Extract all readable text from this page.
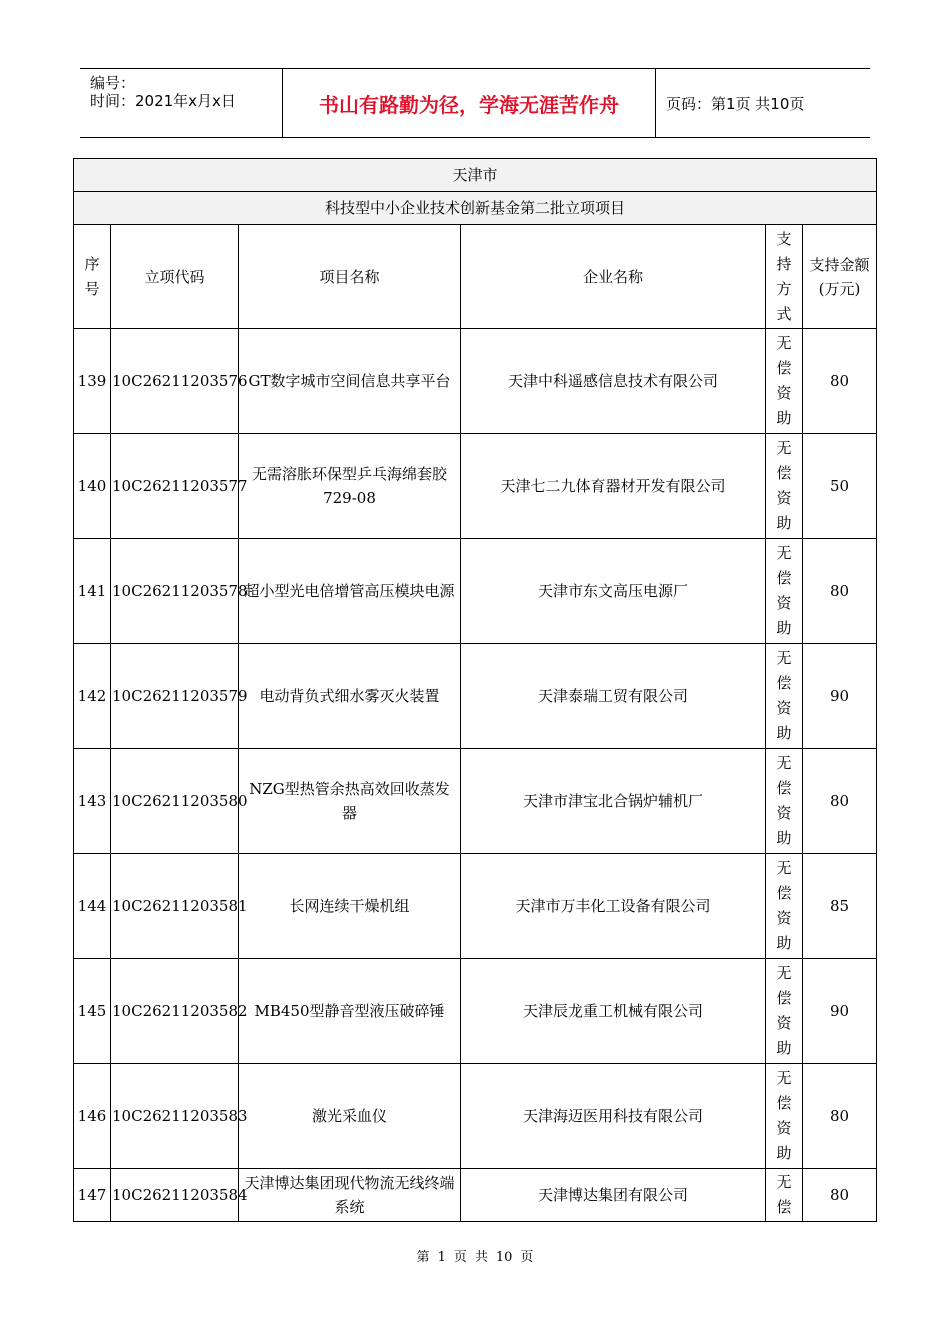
编号：
时间：2021年x月x日	书山有路勤为径，学海无涯苦作舟	页码：第1页 共10页
天津市					
科技型中小企业技术创新基金第二批立项项目					
序
号	立项代码	项目名称	企业名称	支
持
方
式	支持金额
(万元)
139	10C26211203576	GT数字城市空间信息共享平台	天津中科遥感信息技术有限公司	无
偿
资
助	80
140	10C26211203577	无需溶胀环保型乒乓海绵套胶729-08	天津七二九体育器材开发有限公司	无
偿
资
助	50
141	10C26211203578	超小型光电倍增管高压模块电源	天津市东文高压电源厂	无
偿
资
助	80
142	10C26211203579	电动背负式细水雾灭火装置	天津泰瑞工贸有限公司	无
偿
资
助	90
143	10C26211203580	NZG型热管余热高效回收蒸发器	天津市津宝北合锅炉辅机厂	无
偿
资
助	80
144	10C26211203581	长网连续干燥机组	天津市万丰化工设备有限公司	无
偿
资
助	85
145	10C26211203582	MB450型静音型液压破碎锤	天津辰龙重工机械有限公司	无
偿
资
助	90
146	10C26211203583	激光采血仪	天津海迈医用科技有限公司	无
偿
资
助	80
147	10C26211203584	天津博达集团现代物流无线终端系统	天津博达集团有限公司	无
偿	80
第 1 页 共 10 页
